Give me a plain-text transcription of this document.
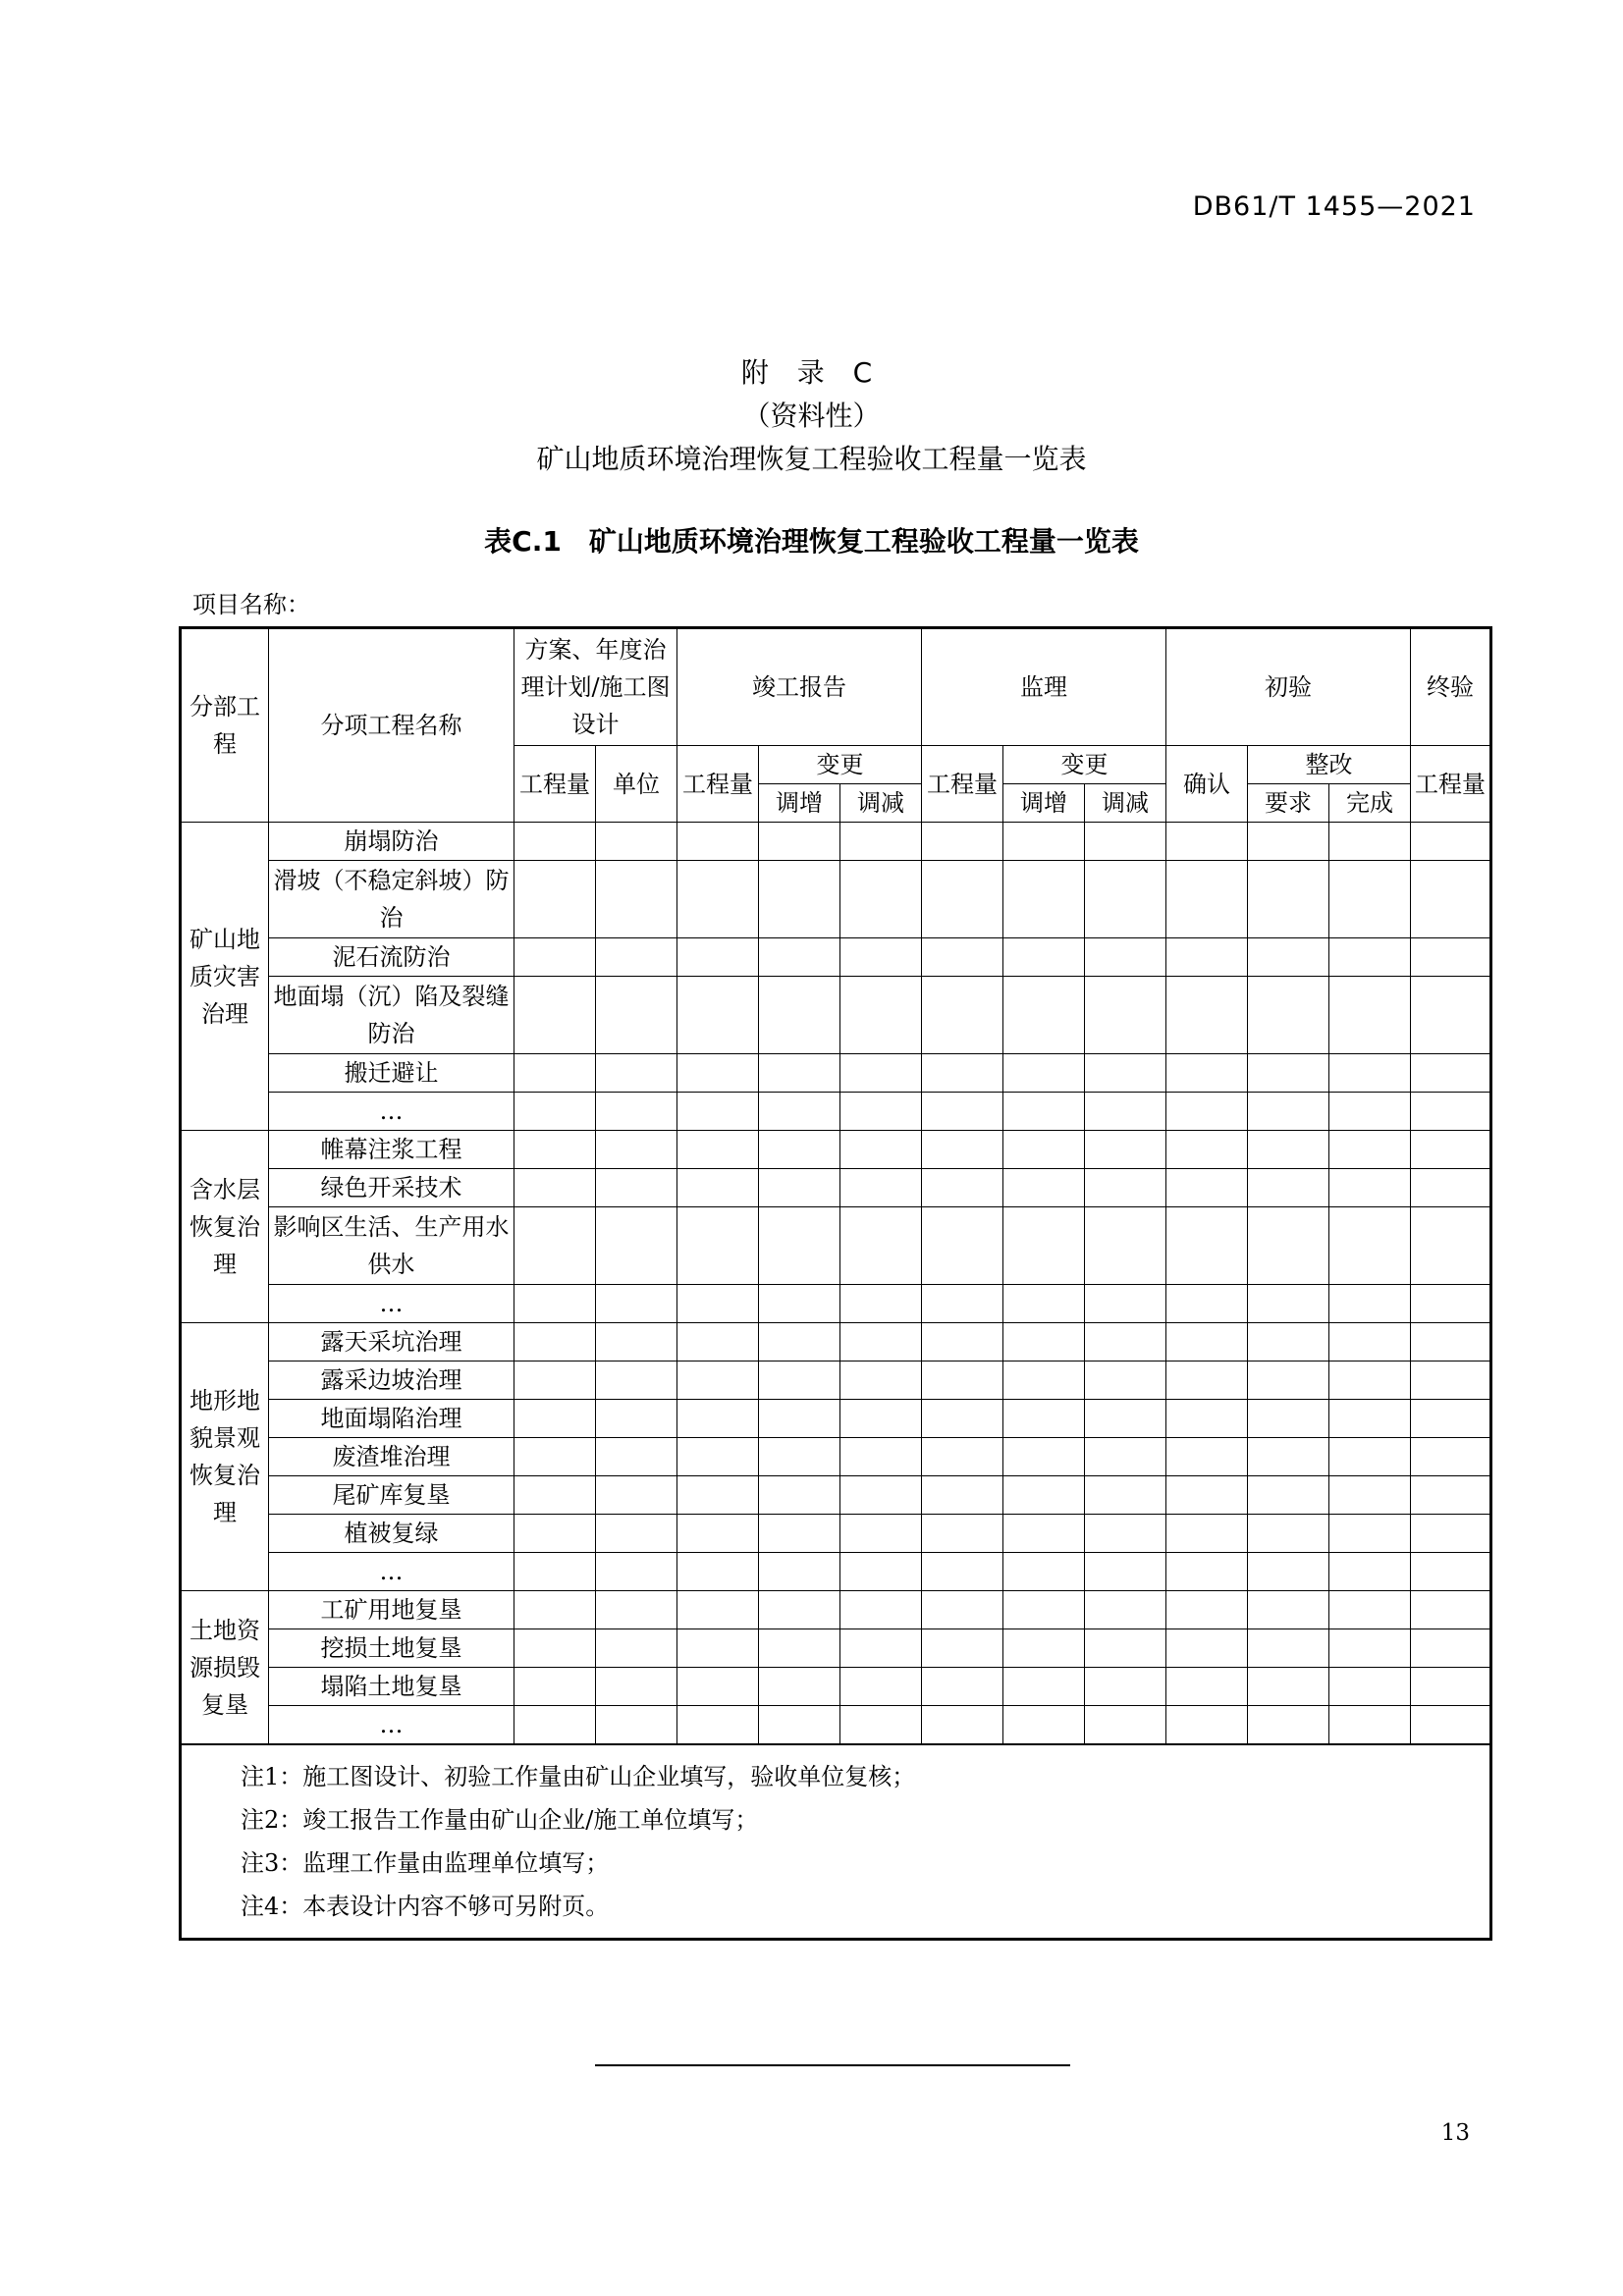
DB61/T 1455—2021
附 录 C
（资料性）
矿山地质环境治理恢复工程验收工程量一览表
表C.1　矿山地质环境治理恢复工程验收工程量一览表
项目名称：
分部工程	分项工程名称	方案、年度治理计划/施工图设计		竣工报告			监理			初验			终验
		工程量	单位	工程量	变更		工程量	变更		确认	整改		工程量
					调增	调减		调增	调减		要求	完成	
矿山地质灾害治理	崩塌防治												
	滑坡（不稳定斜坡）防治												
	泥石流防治												
	地面塌（沉）陷及裂缝防治												
	搬迁避让												
	…												
含水层恢复治理	帷幕注浆工程												
	绿色开采技术												
	影响区生活、生产用水供水												
	…												
地形地貌景观恢复治理	露天采坑治理												
	露采边坡治理												
	地面塌陷治理												
	废渣堆治理												
	尾矿库复垦												
	植被复绿												
	…												
土地资源损毁复垦	工矿用地复垦												
	挖损土地复垦												
	塌陷土地复垦												
	…												

注1：施工图设计、初验工作量由矿山企业填写，验收单位复核；
注2：竣工报告工作量由矿山企业/施工单位填写；
注3：监理工作量由监理单位填写；
注4：本表设计内容不够可另附页。													
13
